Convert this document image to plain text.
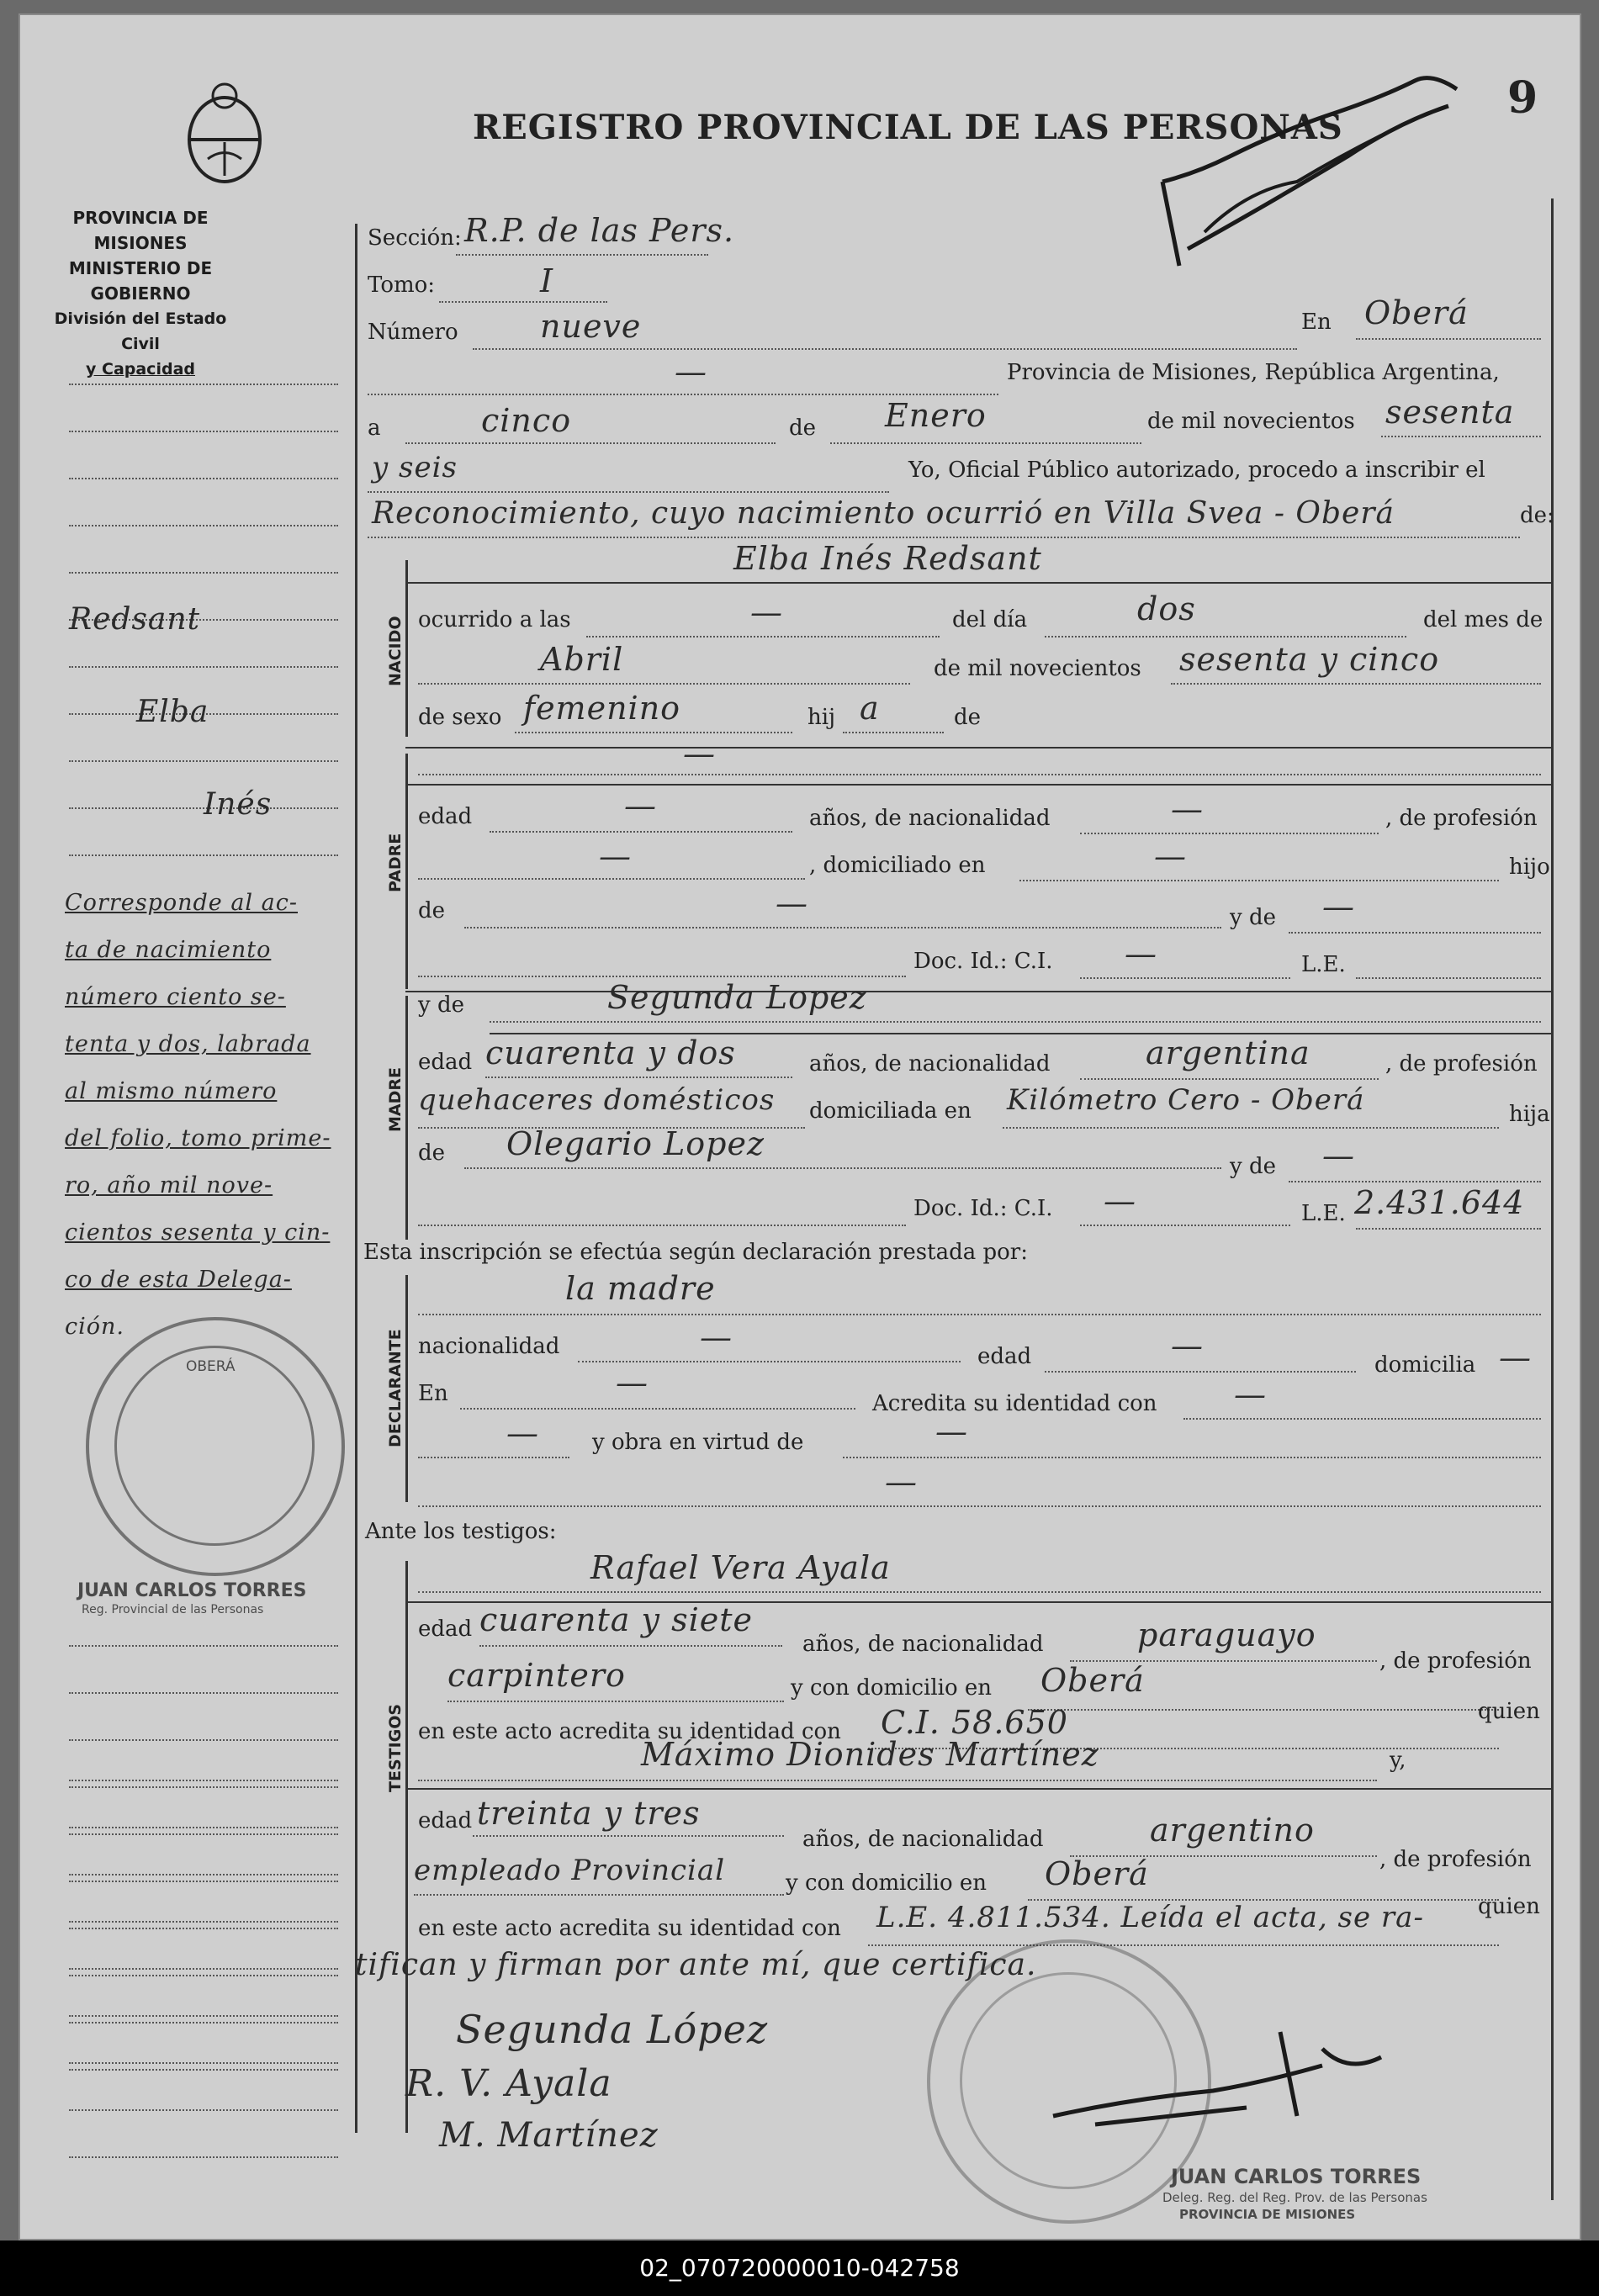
PROVINCIA DE MISIONES
MINISTERIO DE GOBIERNO
División del Estado Civil
y Capacidad
REGISTRO PROVINCIAL DE LAS PERSONAS
9
Redsant
Elba
Inés
Corresponde al ac-
ta de nacimiento
número ciento se-
tenta y dos, labrada
al mismo número
del folio, tomo prime-
ro, año mil nove-
cientos sesenta y cin-
co de esta Delega-
ción.
OBERÁ
JUAN CARLOS TORRES
Reg. Provincial de las Personas
Sección: R.P. de las Pers.
Tomo:	I
Número	nueve	En Oberá
—	Provincia de Misiones, República Argentina,
a	cinco	de Enero	de mil novecientos sesenta
y seis	Yo, Oficial Público autorizado, procedo a inscribir el
Reconocimiento, cuyo nacimiento ocurrió en Villa Svea - Oberá	de:
NACIDO
Elba Inés Redsant
ocurrido a las	—	del día	dos	del mes de
Abril	de mil novecientos sesenta y cinco
de sexo femenino	hij a	de
PADRE
—
edad	—	años, de nacionalidad	—	, de profesión
—	, domiciliado en	—	hijo
de	—	y de —
Doc. Id.: C.I. —	L.E.
MADRE
y de	Segunda Lopez
edad cuarenta y dos	años, de nacionalidad	argentina	, de profesión
quehaceres domésticos domiciliada en Kilómetro Cero - Oberá	hija
de Olegario Lopez
y de —
Doc. Id.: C.I. —	L.E. 2.431.644
Esta inscripción se efectúa según declaración prestada por:
la madre
DECLARANTE nacionalidad	—
edad	—
domicilia —
En	—
Acredita su identidad con —
— y obra en virtud de	—
—
Ante los testigos:
TESTIGOS
Rafael Vera Ayala
edad cuarenta y siete
años, de nacionalidad	paraguayo
, de profesión
carpintero	y con domicilio en Oberá
en este acto acredita su identidad con C.I. 58.650	quien
Máximo Dionides Martínez	y,
edad treinta y tres
años, de nacionalidad	argentino
, de profesión
empleado Provincial	y con domicilio en Oberá
en este acto acredita su identidad con L.E. 4.811.534. Leída el acta, se ra- quien
tifican y firman por ante mí, que certifica.
Segunda López
R. V. Ayala
M. Martínez
JUAN CARLOS TORRES
Deleg. Reg. del Reg. Prov. de las Personas
PROVINCIA DE MISIONES
02_070720000010-042758
